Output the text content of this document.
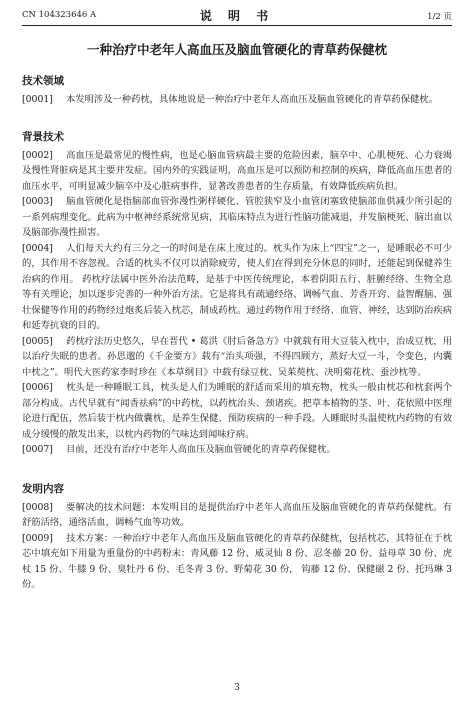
CN 104323646 A	说 明 书	1/2 页
一种治疗中老年人高血压及脑血管硬化的青草药保健枕
技术领域

[0001] 本发明涉及一种药枕，具体地说是一种治疗中老年人高血压及脑血管硬化的青草药保健枕。

背景技术

[0002] 高血压是最常见的慢性病，也是心脑血管病最主要的危险因素，脑卒中、心肌梗死、心力衰竭及慢性肾脏病是其主要并发症。国内外的实践证明，高血压是可以预防和控制的疾病，降低高血压患者的血压水平，可明显减少脑卒中及心脏病事件，显著改善患者的生存质量，有效降低疾病负担。

[0003] 脑血管硬化是指脑部血管弥漫性粥样硬化、管腔狭窄及小血管闭塞致使脑部血供减少所引起的一系列病理变化。此病为中枢神经系统常见病，其临床特点为进行性脑功能减退，并发脑梗死、脑出血以及脑部弥漫性损害。

[0004] 人们每天大约有三分之一的时间是在床上度过的。枕头作为床上“四宝”之一，是睡眠必不可少的，其作用不容忽视。合适的枕头不仅可以消除疲劳，使人们在得到充分休息的同时，还能起到保健养生治病的作用。 药枕疗法属中医外治法范畴，是基于中医传统理论，本着阴阳五行、脏腑经络、生物全息等有关理论，加以逐步完善的一种外治方法。它是将具有疏通经络、调畅气血、芳香开窍、益智醒脑、强壮保健等作用的药物经过炮炙后装入枕芯，制成药枕。通过药物作用于经络、血管、神经，达到防治疾病和延寿抗衰的目的。

[0005] 药枕疗法历史悠久，早在晋代 • 葛洪《肘后备急方》中就载有用大豆装入枕中，治成豆枕，用以治疗失眠的患者。孙思邈的《千金要方》载有“治头项强，不得四顾方，蒸好大豆一斗，令变色，内囊中枕之”。明代大医药家李时珍在《本草纲目》中载有绿豆枕、吴茱萸枕、决明菊花枕、蚕沙枕等。

[0006] 枕头是一种睡眠工具，枕头是人们为睡眠的舒适而采用的填充物，枕头一般由枕芯和枕套两个部分构成。古代早就有“闻香祛病”的中药枕，以药枕治头、颈诸疾。把草本植物的茎、叶、花依照中医理论进行配伍，然后装于枕内做囊枕，是养生保健、预防疾病的一种手段。人睡眠时头温使枕内药物的有效成分缓慢的散发出来，以枕内药物的气味达到闻味疗病。

[0007] 目前，还没有治疗中老年人高血压及脑血管硬化的青草药保健枕。

发明内容

[0008] 要解决的技术问题：本发明目的是提供治疗中老年人高血压及脑血管硬化的青草药保健枕。有舒筋活络，通络活血，调畅气血等功效。

[0009] 技术方案：一种治疗中老年人高血压及脑血管硬化的青草药保健枕，包括枕芯，其特征在于枕芯中填充如下用量为重量份的中药粉末：青风藤 12 份、威灵仙 8 份、忍冬藤 20 份、益母草 30 份、虎杖 15 份、牛膝 9 份、臭牡丹 6 份、毛冬青 3 份、野菊花 30 份， 钩藤 12 份、保健磁 2 份、托玛琳 3 份。

3
